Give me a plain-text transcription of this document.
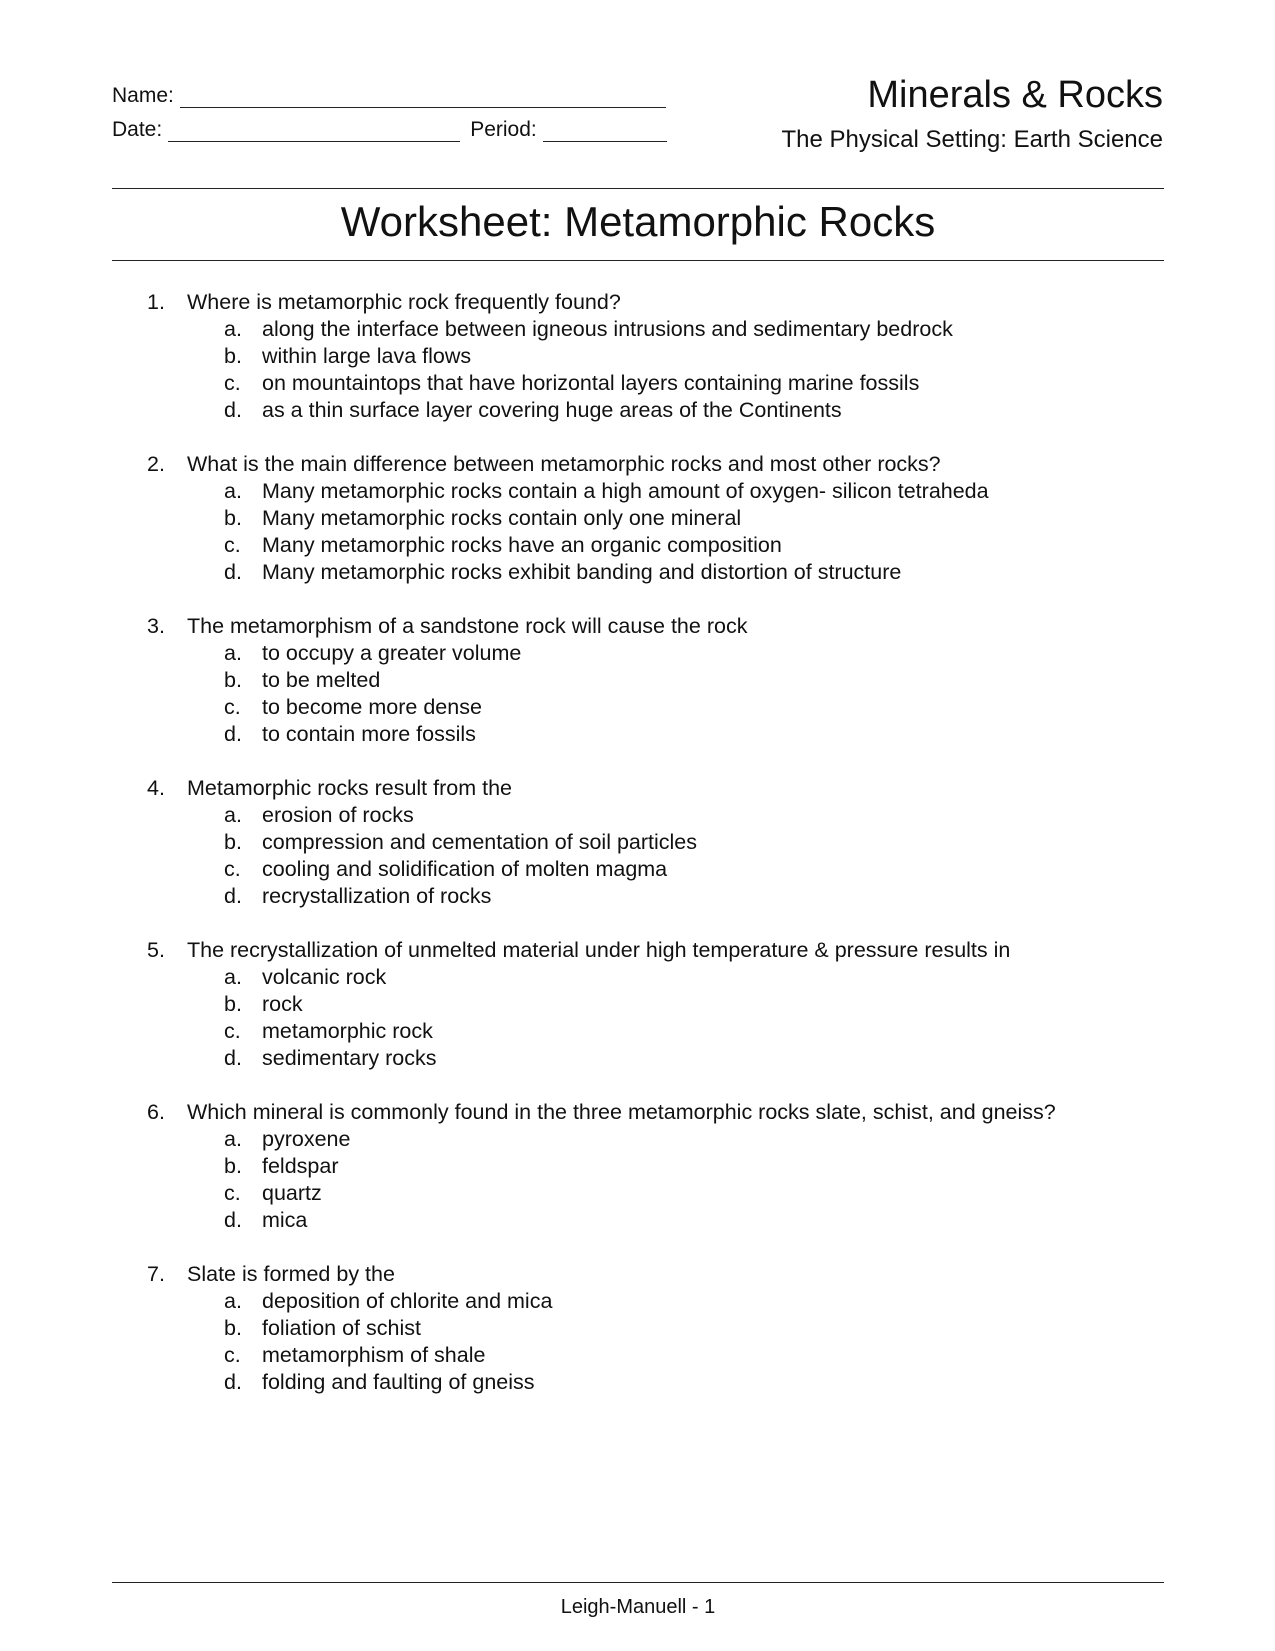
Name:
Date:	Period:
Minerals & Rocks
The Physical Setting: Earth Science
Worksheet: Metamorphic Rocks
1. Where is metamorphic rock frequently found?
a. along the interface between igneous intrusions and sedimentary bedrock
b. within large lava flows
c. on mountaintops that have horizontal layers containing marine fossils
d. as a thin surface layer covering huge areas of the Continents
2. What is the main difference between metamorphic rocks and most other rocks?
a. Many metamorphic rocks contain a high amount of oxygen- silicon tetraheda
b. Many metamorphic rocks contain only one mineral
c. Many metamorphic rocks have an organic composition
d. Many metamorphic rocks exhibit banding and distortion of structure
3. The metamorphism of a sandstone rock will cause the rock
a. to occupy a greater volume
b. to be melted
c. to become more dense
d. to contain more fossils
4. Metamorphic rocks result from the
a. erosion of rocks
b. compression and cementation of soil particles
c. cooling and solidification of molten magma
d. recrystallization of rocks
5. The recrystallization of unmelted material under high temperature & pressure results in
a. volcanic rock
b. rock
c. metamorphic rock
d. sedimentary rocks
6. Which mineral is commonly found in the three metamorphic rocks slate, schist, and gneiss?
a. pyroxene
b. feldspar
c. quartz
d. mica
7. Slate is formed by the
a. deposition of chlorite and mica
b. foliation of schist
c. metamorphism of shale
d. folding and faulting of gneiss
Leigh-Manuell - 1
